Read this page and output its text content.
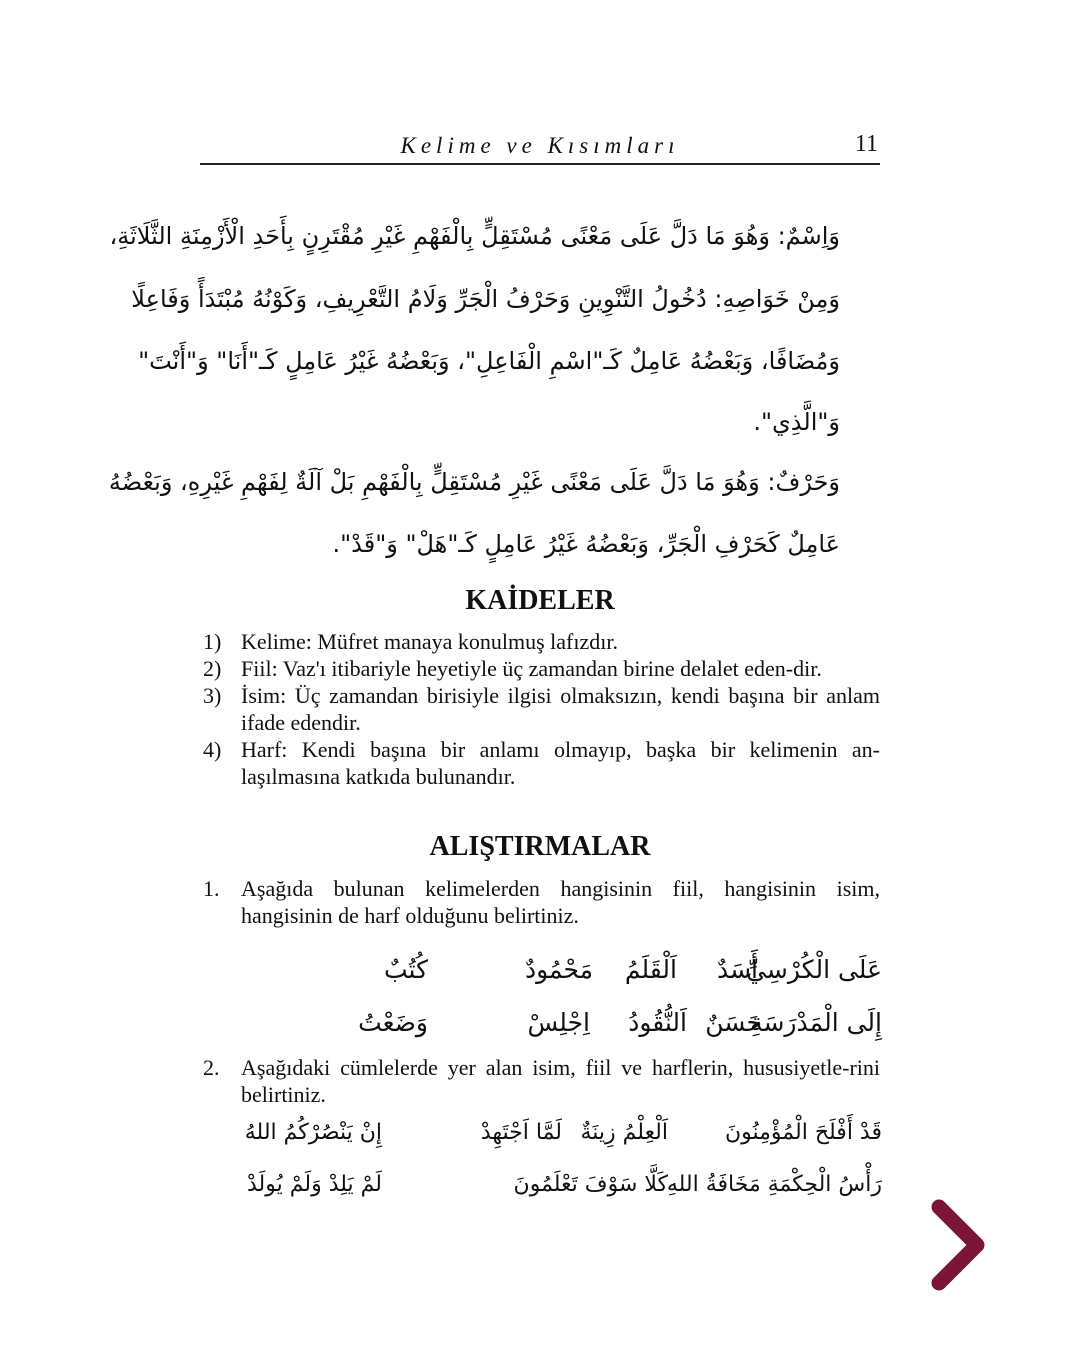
Kelime ve Kısımları	11
وَاِسْمٌ: وَهُوَ مَا دَلَّ عَلَى مَعْنًى مُسْتَقِلٍّ بِالْفَهْمِ غَيْرِ مُقْتَرِنٍ بِأَحَدِ الْأَزْمِنَةِ الثَّلَاثَةِ،
وَمِنْ خَوَاصِهِ: دُخُولُ التَّنْوِينِ وَحَرْفُ الْجَرِّ وَلَامُ التَّعْرِيفِ، وَكَوْنُهُ مُبْتَدَأً وَفَاعِلًا
وَمُضَافًا، وَبَعْضُهُ عَامِلٌ كَـ"اسْمِ الْفَاعِلِ"، وَبَعْضُهُ غَيْرُ عَامِلٍ كَـ"أَنَا" وَ"أَنْتَ"
وَ"الَّذِي".
وَحَرْفٌ: وَهُوَ مَا دَلَّ عَلَى مَعْنًى غَيْرِ مُسْتَقِلٍّ بِالْفَهْمِ بَلْ آلَةٌ لِفَهْمِ غَيْرِهِ، وَبَعْضُهُ
عَامِلٌ كَحَرْفِ الْجَرِّ، وَبَعْضُهُ غَيْرُ عَامِلٍ كَـ"هَلْ" وَ"قَدْ".
KAİDELER
1) Kelime: Müfret manaya konulmuş lafızdır.
2) Fiil: Vaz'ı itibariyle heyetiyle üç zamandan birine delalet eden-dir.
3) İsim: Üç zamandan birisiyle ilgisi olmaksızın, kendi başına bir anlam ifade edendir.
4) Harf: Kendi başına bir anlamı olmayıp, başka bir kelimenin an-laşılmasına katkıda bulunandır.
ALIŞTIRMALAR
1. Aşağıda bulunan kelimelerden hangisinin fiil, hangisinin isim, hangisinin de harf olduğunu belirtiniz.
عَلَى الْكُرْسِيِّ
أَسَدٌ
اَلْقَلَمُ
مَحْمُودٌ
كُتُبٌ
إِلَى الْمَدْرَسَةِ
حَسَنٌ
اَلنُّقُودُ
اِجْلِسْ
وَضَعْتُ
2. Aşağıdaki cümlelerde yer alan isim, fiil ve harflerin, hususiyetle-rini belirtiniz.
قَدْ أَفْلَحَ الْمُؤْمِنُونَ
اَلْعِلْمُ زِينَةٌ
لَمَّا اَجْتَهِدْ
إِنْ يَنْصُرْكُمُ اللهُ
رَأْسُ الْحِكْمَةِ مَخَافَةُ اللهِ
كَلَّا سَوْفَ تَعْلَمُونَ
لَمْ يَلِدْ وَلَمْ يُولَدْ
